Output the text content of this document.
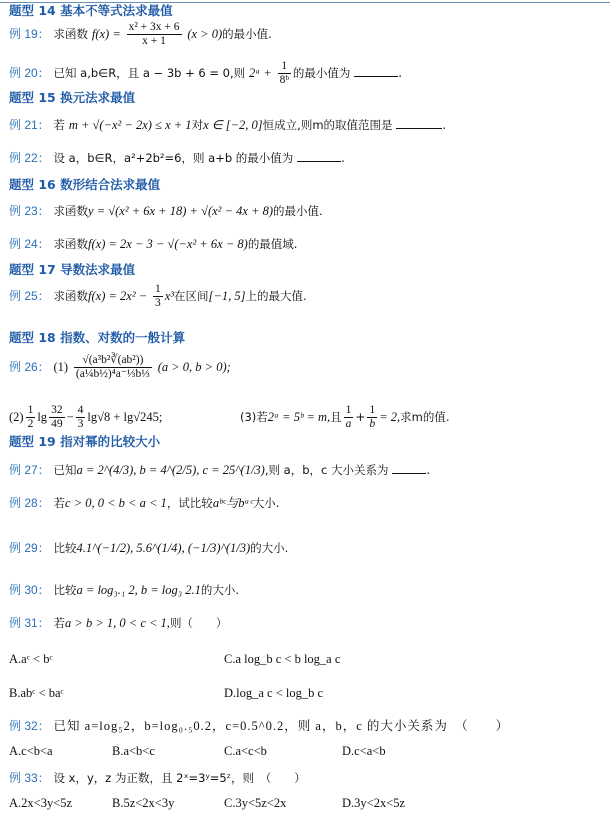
题型 14 基本不等式法求最值
例 19： 求函数 $f(x) = \frac{\text{x² + 3x + 6}}{x + 1} (x > 0)$的最小值.
例 20： 已知 a,b∈R，且 a − 3b + 6 = 0,则 2ᵃ + $\frac{1}{\text{8ᵇ}}$ 的最小值为	.
题型 15 换元法求最值
例 21： 若 m + √(−x² − 2x) ≤ x + 1对x ∈ [−2, 0]恒成立,则m的取值范围是	.
例 22： 设 a，b∈R，a²+2b²=6，则 a+b 的最小值为	.
题型 16 数形结合法求最值
例 23： 求函数y = √(x² + 6x + 18) + √(x² − 4x + 8)的最小值.
例 24： 求函数f(x) = 2x − 3 − √(−x² + 6x − 8)的最值域.
题型 17 导数法求最值
例 25： 求函数$f(x) = 2x^2 - \frac{1}{3} x^3$在区间[−1, 5]上的最大值.
题型 18 指数、对数的一般计算
例 26： $(1) \frac{\text{√(a³b²∛(ab²))}}{\text{(a¼b½)⁴a⁻⅓b⅓}} (a > 0$, b > 0);
$(2) \frac{1}{2}$ $\lg \frac{32}{49} - \frac{4}{3} \lg√8 + \lg√245$;	(3)若2ᵃ = 5ᵇ = m,且 $\frac{1}{a} + \frac{1}{b} = 2$,求m的值.
题型 19 指对幂的比较大小
例 27： 已知a = 2^(4/3), b = 4^(2/5), c = 25^(1/3),则 a，b，c 大小关系为	.
例 28： 若c > 0, 0 < b < a < 1，试比较aᵇᶜ与bᵃᶜ大小.
例 29： 比较4.1^(−1/2), 5.6^(1/4), (−1/3)^(1/3)的大小.
例 30： 比较a = log₃.₁ 2, b = log₃ 2.1的大小.
例 31： 若a > b > 1, 0 < c < 1,则（　　）
A.aᶜ < bᶜ	C.a log_b c < b log_a c
B.abᶜ < baᶜ	D.log_a c < log_b c
例 32： 已知 a=log₅2，b=log₀.₅0.2，c=0.5^0.2，则 a，b，c 的大小关系为　（　　）
A.c<b<a	B.a<b<c	C.a<c<b	D.c<a<b
例 33： 设 x，y，z 为正数，且 2ˣ=3ʸ=5ᶻ，则　（　　）
A.2x<3y<5z	B.5z<2x<3y	C.3y<5z<2x	D.3y<2x<5z
